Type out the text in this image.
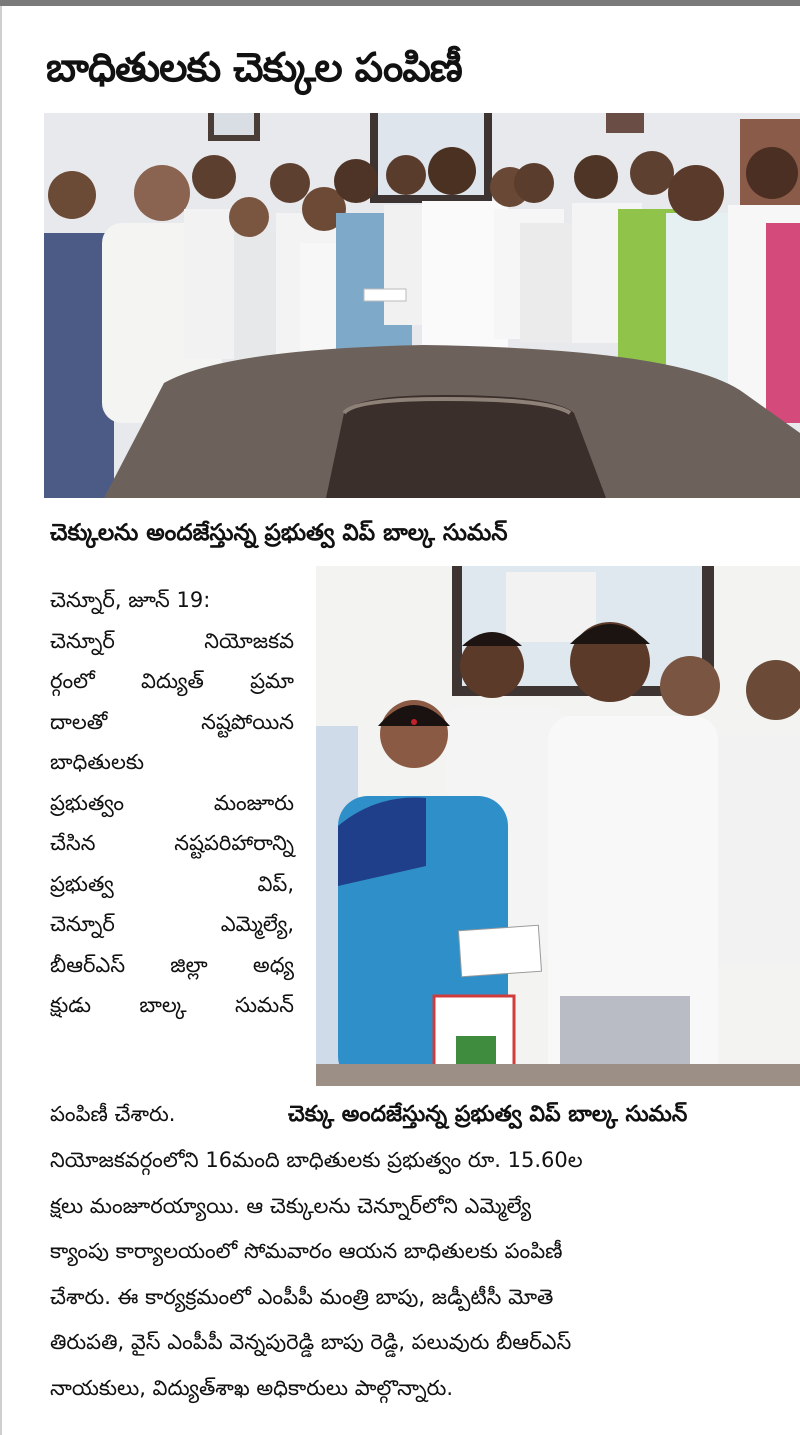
బాధితులకు చెక్కుల పంపిణీ
చెక్కులను అందజేస్తున్న ప్రభుత్వ విప్ బాల్క సుమన్
చెన్నూర్, జూన్ 19:
చెన్నూర్ నియోజకవ
ర్గంలో విద్యుత్ ప్రమా
దాలతో నష్టపోయిన
బాధితులకు
ప్రభుత్వం మంజూరు
చేసిన నష్టపరిహారాన్ని
ప్రభుత్వ విప్,
చెన్నూర్ ఎమ్మెల్యే,
బీఆర్ఎస్ జిల్లా అధ్య
క్షుడు బాల్క సుమన్
పంపిణీ చేశారు.	చెక్కు అందజేస్తున్న ప్రభుత్వ విప్ బాల్క సుమన్
నియోజకవర్గంలోని 16మంది బాధితులకు ప్రభుత్వం రూ. 15.60ల
క్షలు మంజూరయ్యాయి. ఆ చెక్కులను చెన్నూర్‌లోని ఎమ్మెల్యే
క్యాంపు కార్యాలయంలో సోమవారం ఆయన బాధితులకు పంపిణీ
చేశారు. ఈ కార్యక్రమంలో ఎంపీపీ మంత్రి బాపు, జడ్పీటీసీ మోతె
తిరుపతి, వైస్ ఎంపీపీ వెన్నపురెడ్డి బాపు రెడ్డి, పలువురు బీఆర్ఎస్
నాయకులు, విద్యుత్‌శాఖ అధికారులు పాల్గొన్నారు.
